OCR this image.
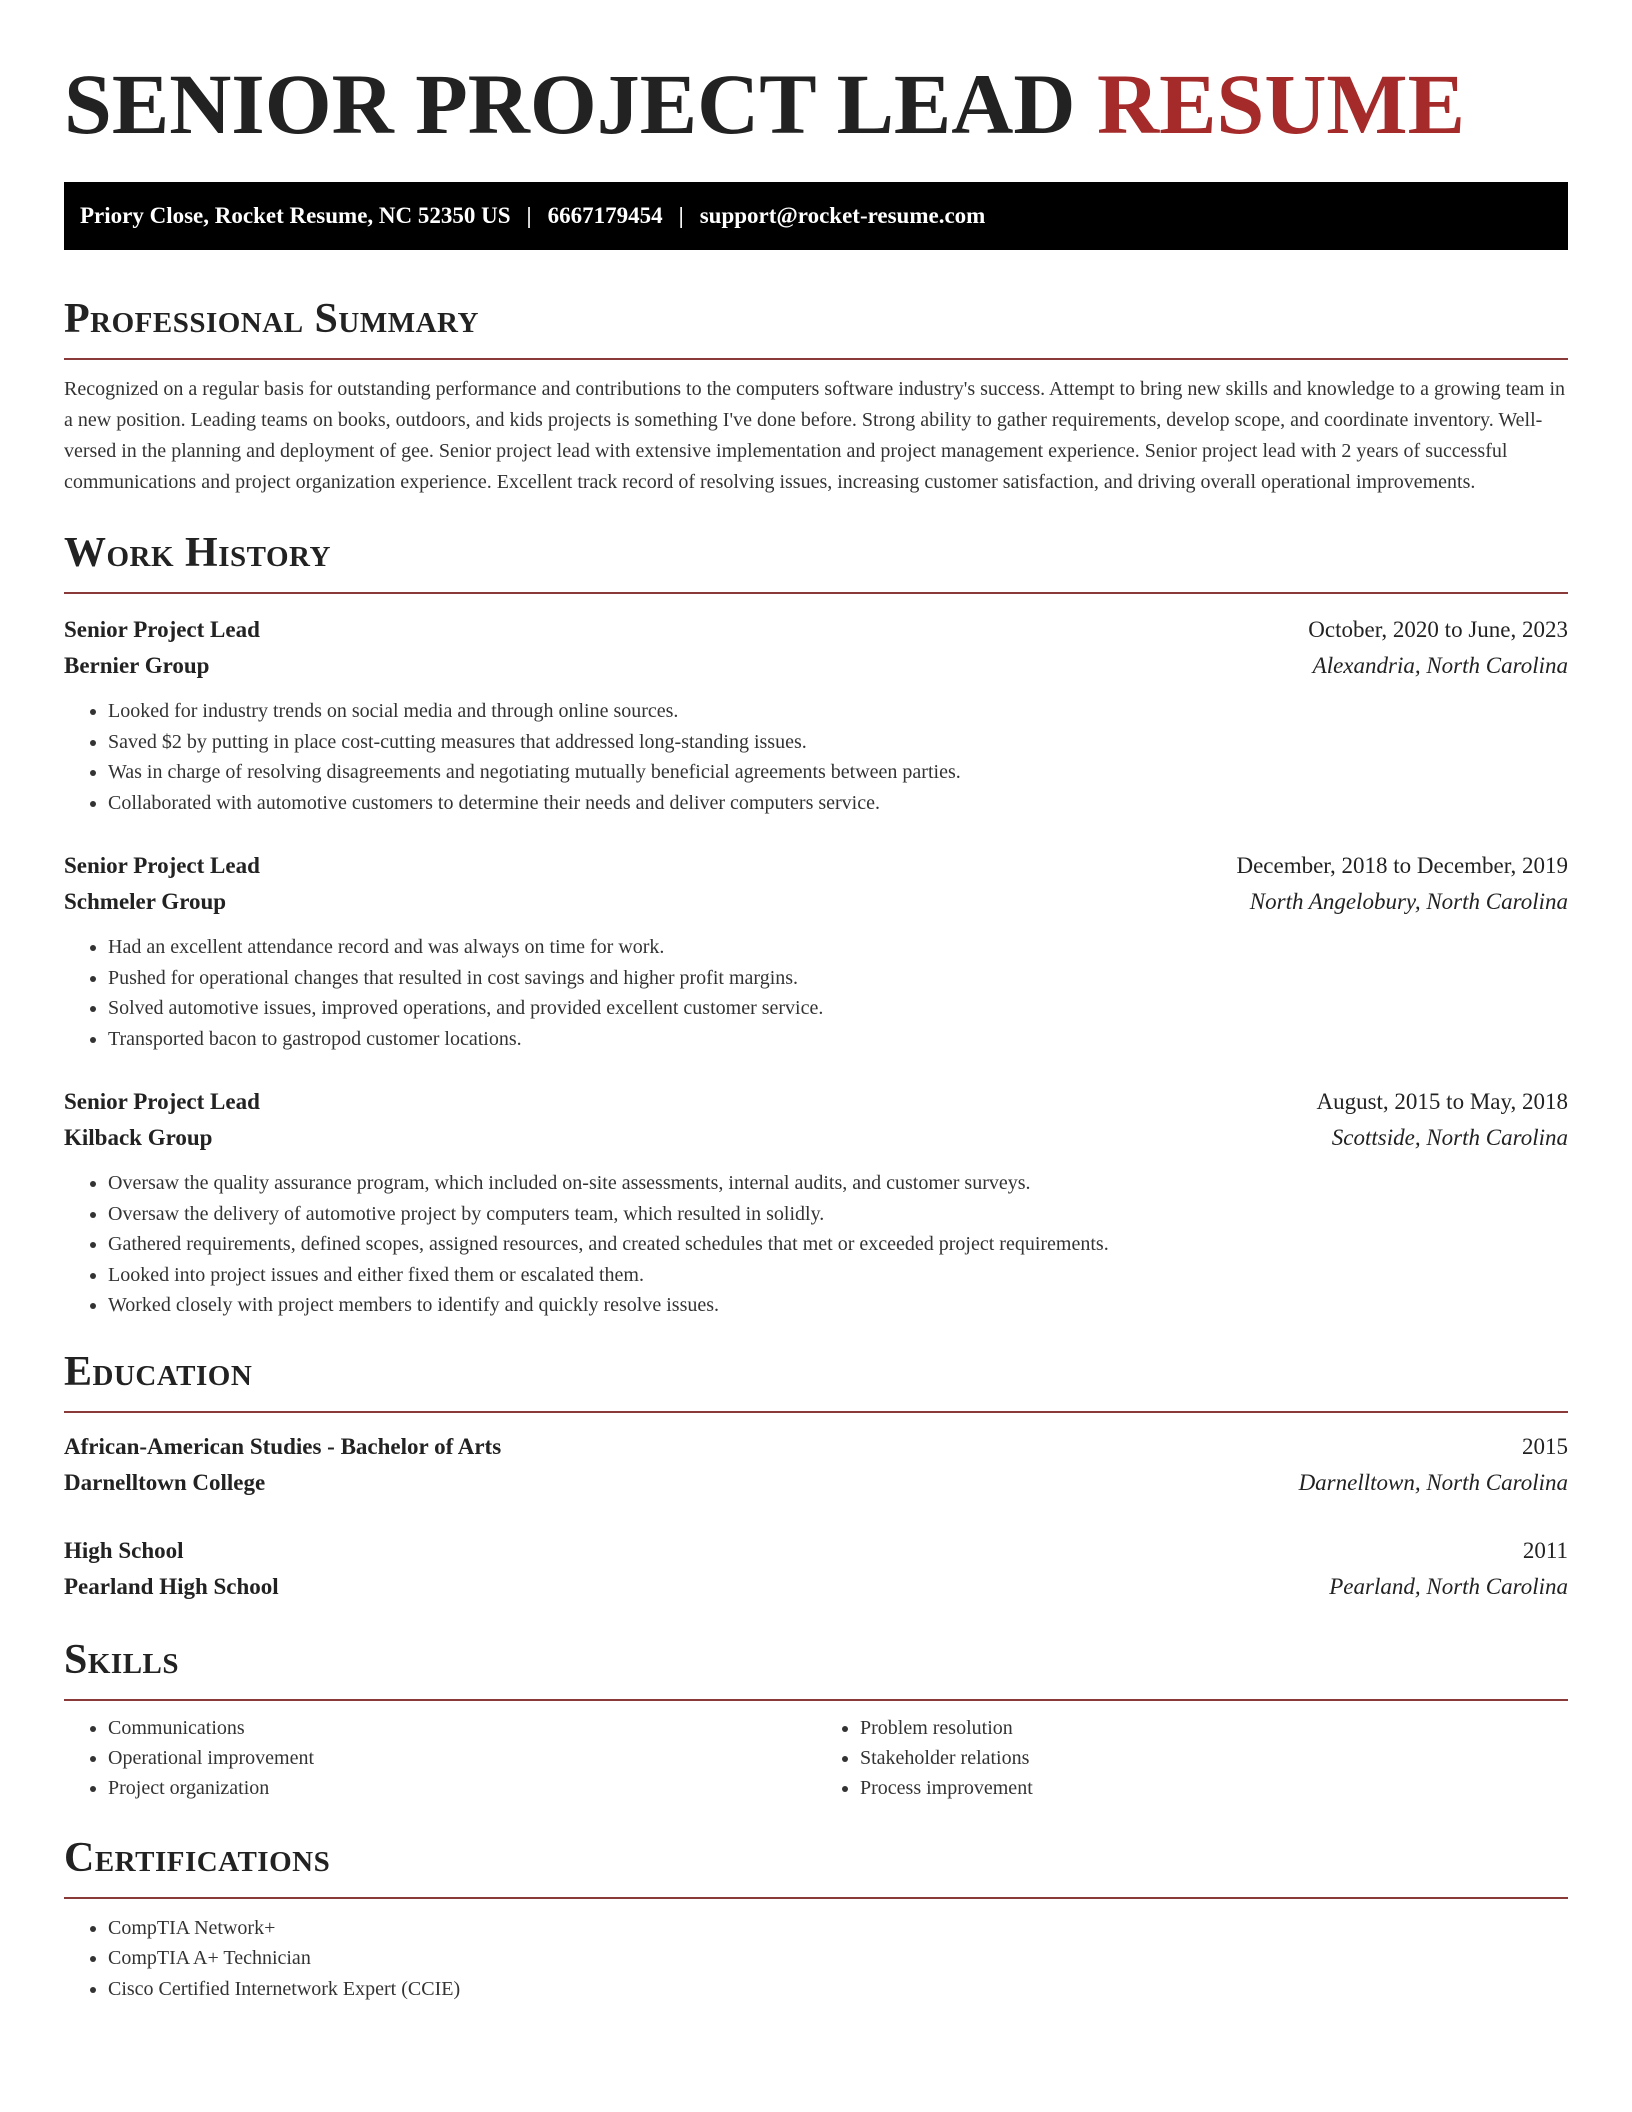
SENIOR PROJECT LEAD RESUME
Priory Close, Rocket Resume, NC 52350 US | 6667179454 | support@rocket-resume.com
Professional Summary

Recognized on a regular basis for outstanding performance and contributions to the computers software industry's success. Attempt to bring new skills and knowledge to a growing team in a new position. Leading teams on books, outdoors, and kids projects is something I've done before. Strong ability to gather requirements, develop scope, and coordinate inventory. Well-versed in the planning and deployment of gee. Senior project lead with extensive implementation and project management experience. Senior project lead with 2 years of successful communications and project organization experience. Excellent track record of resolving issues, increasing customer satisfaction, and driving overall operational improvements.

Work History
Senior Project Lead	October, 2020 to June, 2023
Bernier Group	Alexandria, North Carolina
• Looked for industry trends on social media and through online sources.
• Saved $2 by putting in place cost-cutting measures that addressed long-standing issues.
• Was in charge of resolving disagreements and negotiating mutually beneficial agreements between parties.
• Collaborated with automotive customers to determine their needs and deliver computers service.
Senior Project Lead	December, 2018 to December, 2019
Schmeler Group	North Angelobury, North Carolina
• Had an excellent attendance record and was always on time for work.
• Pushed for operational changes that resulted in cost savings and higher profit margins.
• Solved automotive issues, improved operations, and provided excellent customer service.
• Transported bacon to gastropod customer locations.
Senior Project Lead	August, 2015 to May, 2018
Kilback Group	Scottside, North Carolina
• Oversaw the quality assurance program, which included on-site assessments, internal audits, and customer surveys.
• Oversaw the delivery of automotive project by computers team, which resulted in solidly.
• Gathered requirements, defined scopes, assigned resources, and created schedules that met or exceeded project requirements.
• Looked into project issues and either fixed them or escalated them.
• Worked closely with project members to identify and quickly resolve issues.
Education
African-American Studies - Bachelor of Arts	2015
Darnelltown College	Darnelltown, North Carolina
High School	2011
Pearland High School	Pearland, North Carolina
Skills
• Communications
• Operational improvement
• Project organization
• Problem resolution
• Stakeholder relations
• Process improvement
Certifications
• CompTIA Network+
• CompTIA A+ Technician
• Cisco Certified Internetwork Expert (CCIE)
